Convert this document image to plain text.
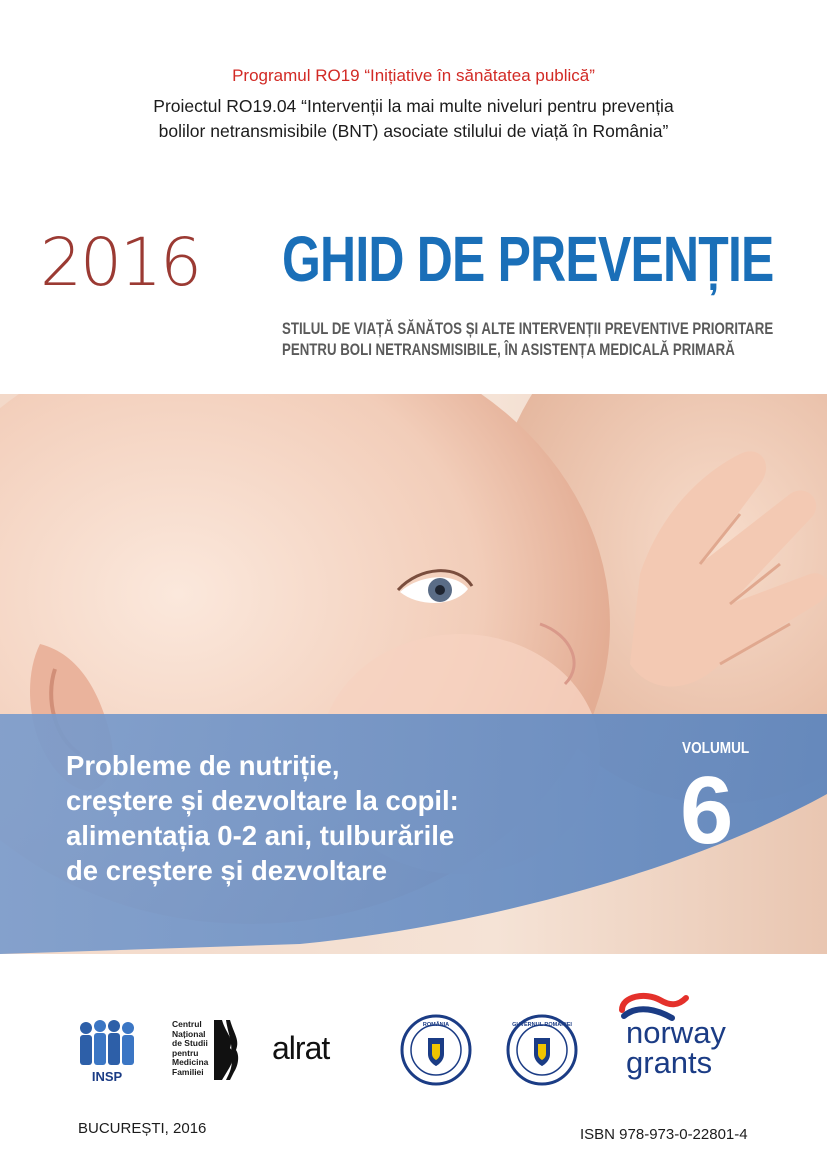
Programul RO19 “Inițiative în sănătatea publică”
Proiectul RO19.04 “Intervenții la mai multe niveluri pentru prevenția
bolilor netransmisibile (BNT) asociate stilului de viață în România”
2016 GHID DE PREVENȚIE
STILUL DE VIAȚĂ SĂNĂTOS ȘI ALTE INTERVENȚII PREVENTIVE PRIORITARE
PENTRU BOLI NETRANSMISIBILE, ÎN ASISTENȚA MEDICALĂ PRIMARĂ
Probleme de nutriție,
creștere și dezvoltare la copil:
alimentația 0-2 ani, tulburările
de creștere și dezvoltare
VOLUMUL
6
INSP
Centrul
Național
de Studii
pentru
Medicina
Familiei
alrat
ROMÂNIA	GUVERNUL ROMÂNIEI norway
grants
BUCUREȘTI, 2016	ISBN 978-973-0-22801-4
